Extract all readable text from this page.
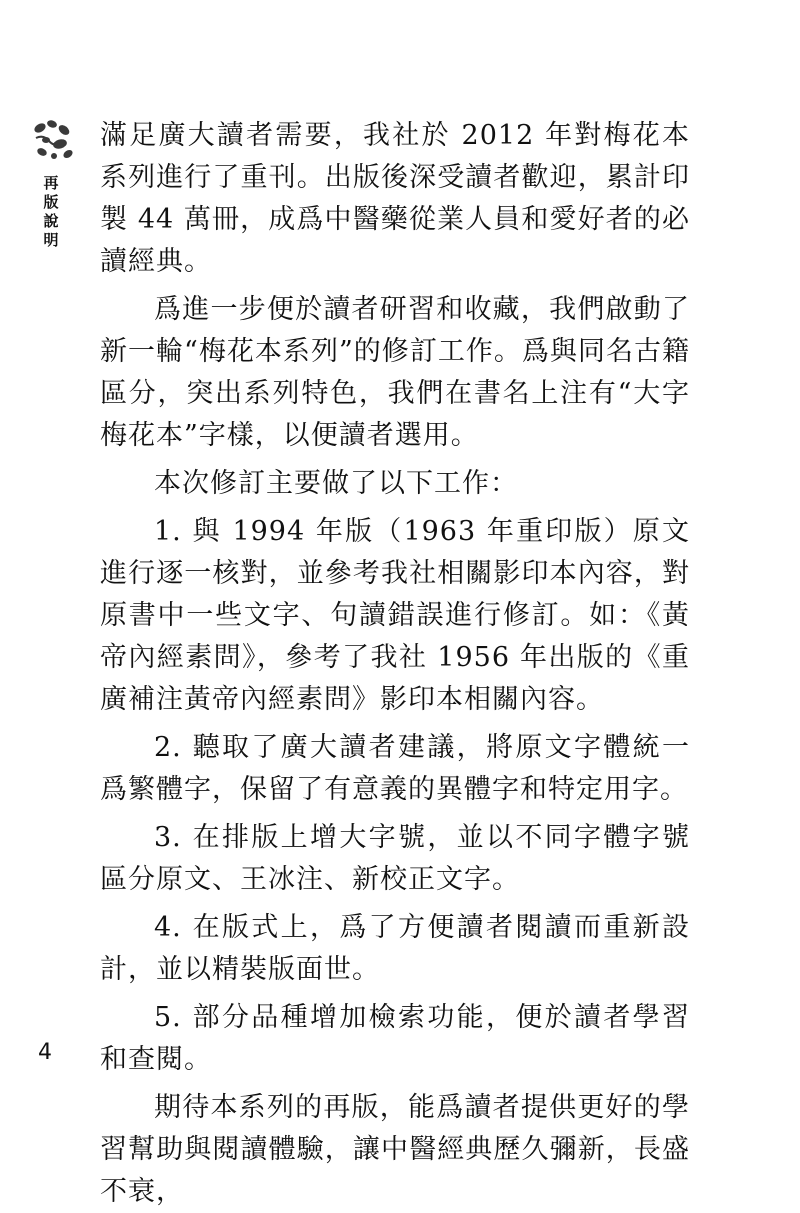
再版說明

滿足廣大讀者需要，我社於 2012 年對梅花本系列進行了重刊。出版後深受讀者歡迎，累計印製 44 萬冊，成爲中醫藥從業人員和愛好者的必讀經典。

爲進一步便於讀者研習和收藏，我們啟動了新一輪“梅花本系列”的修訂工作。爲與同名古籍區分，突出系列特色，我們在書名上注有“大字梅花本”字樣，以便讀者選用。

本次修訂主要做了以下工作：

1. 與 1994 年版（1963 年重印版）原文進行逐一核對，並參考我社相關影印本內容，對原書中一些文字、句讀錯誤進行修訂。如：《黃帝內經素問》，參考了我社 1956 年出版的《重廣補注黃帝內經素問》影印本相關內容。

2. 聽取了廣大讀者建議，將原文字體統一爲繁體字，保留了有意義的異體字和特定用字。

3. 在排版上增大字號，並以不同字體字號區分原文、王冰注、新校正文字。

4. 在版式上，爲了方便讀者閱讀而重新設計，並以精裝版面世。

5. 部分品種增加檢索功能，便於讀者學習和查閱。

期待本系列的再版，能爲讀者提供更好的學習幫助與閱讀體驗，讓中醫經典歷久彌新，長盛不衰，

4
